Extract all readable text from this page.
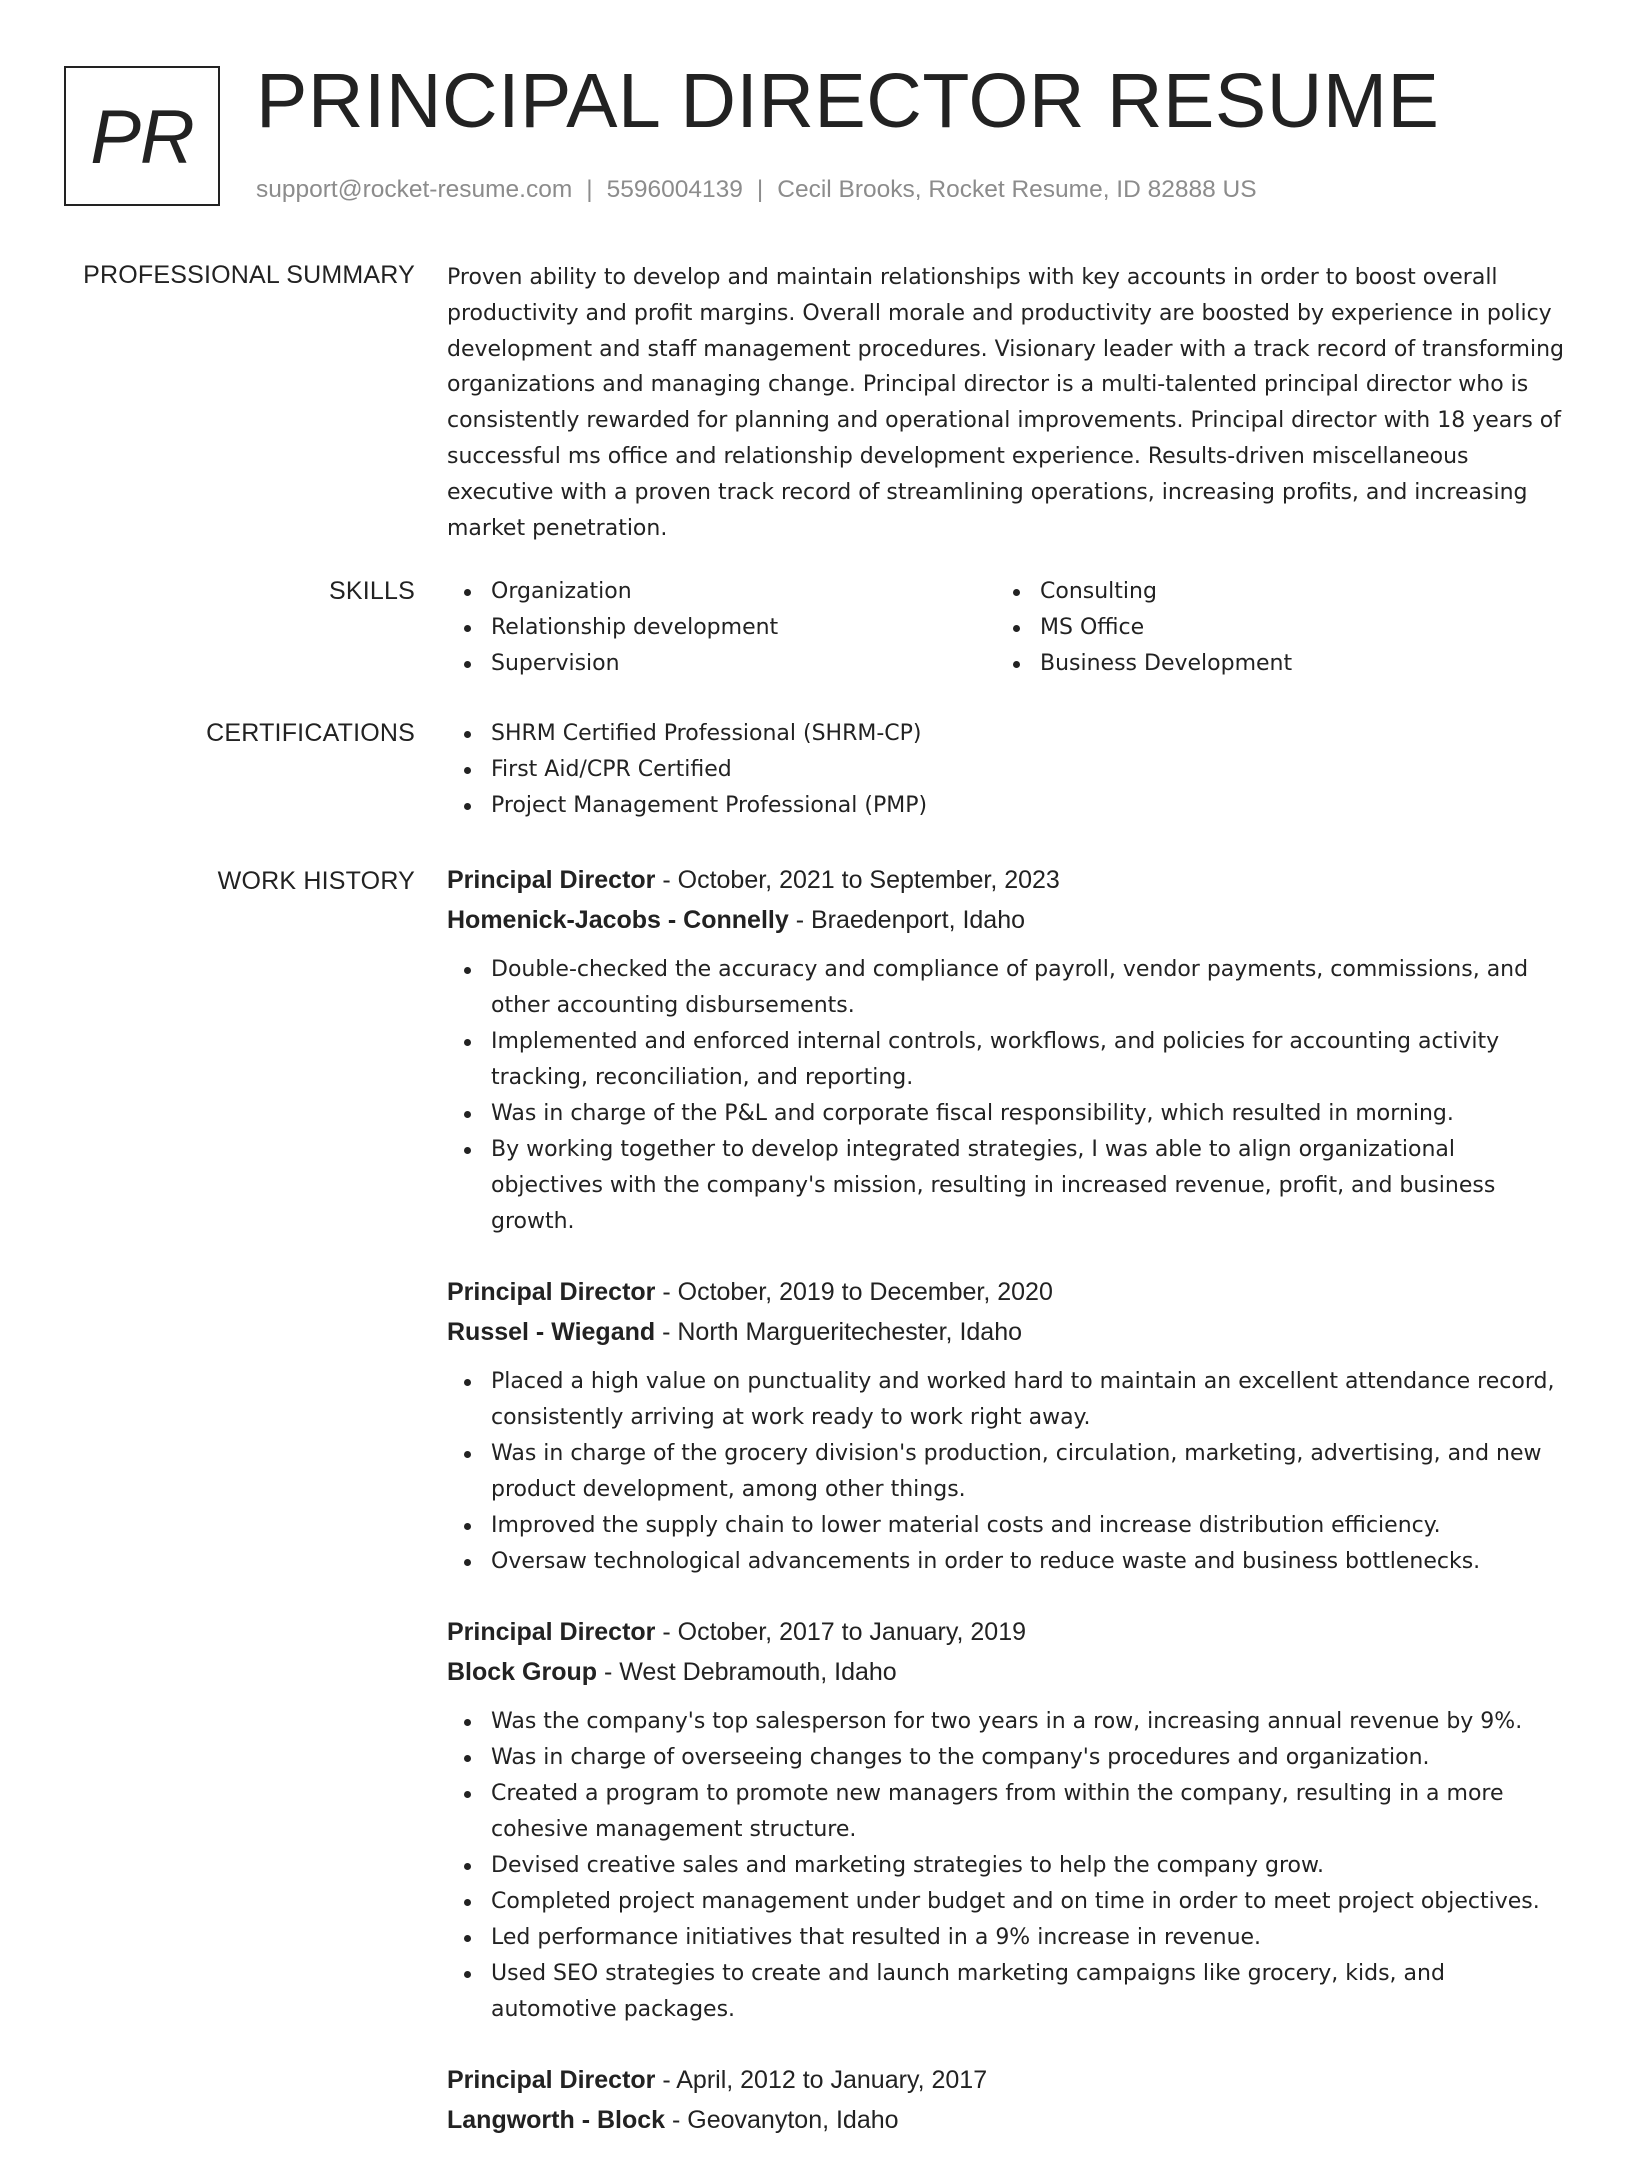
PR PRINCIPAL DIRECTOR RESUME
support@rocket-resume.com | 5596004139 | Cecil Brooks, Rocket Resume, ID 82888 US
PROFESSIONAL SUMMARY Proven ability to develop and maintain relationships with key accounts in order to boost overall productivity and profit margins. Overall morale and productivity are boosted by experience in policy development and staff management procedures. Visionary leader with a track record of transforming organizations and managing change. Principal director is a multi-talented principal director who is consistently rewarded for planning and operational improvements. Principal director with 18 years of successful ms office and relationship development experience. Results-driven miscellaneous executive with a proven track record of streamlining operations, increasing profits, and increasing market penetration.

SKILLS	Organization
Relationship development
Supervision
Consulting
MS Office
Business Development
CERTIFICATIONS	SHRM Certified Professional (SHRM-CP)
First Aid/CPR Certified
Project Management Professional (PMP)
WORK HISTORY Principal Director - October, 2021 to September, 2023
Homenick-Jacobs - Connelly - Braedenport, Idaho
Double-checked the accuracy and compliance of payroll, vendor payments, commissions, and other accounting disbursements.
Implemented and enforced internal controls, workflows, and policies for accounting activity tracking, reconciliation, and reporting.
Was in charge of the P&L and corporate fiscal responsibility, which resulted in morning.
By working together to develop integrated strategies, I was able to align organizational objectives with the company's mission, resulting in increased revenue, profit, and business growth.
Principal Director - October, 2019 to December, 2020
Russel - Wiegand - North Margueritechester, Idaho
Placed a high value on punctuality and worked hard to maintain an excellent attendance record, consistently arriving at work ready to work right away.
Was in charge of the grocery division's production, circulation, marketing, advertising, and new product development, among other things.
Improved the supply chain to lower material costs and increase distribution efficiency.
Oversaw technological advancements in order to reduce waste and business bottlenecks.
Principal Director - October, 2017 to January, 2019
Block Group - West Debramouth, Idaho
Was the company's top salesperson for two years in a row, increasing annual revenue by 9%.
Was in charge of overseeing changes to the company's procedures and organization.
Created a program to promote new managers from within the company, resulting in a more cohesive management structure.
Devised creative sales and marketing strategies to help the company grow.
Completed project management under budget and on time in order to meet project objectives.
Led performance initiatives that resulted in a 9% increase in revenue.
Used SEO strategies to create and launch marketing campaigns like grocery, kids, and automotive packages.
Principal Director - April, 2012 to January, 2017
Langworth - Block - Geovanyton, Idaho
